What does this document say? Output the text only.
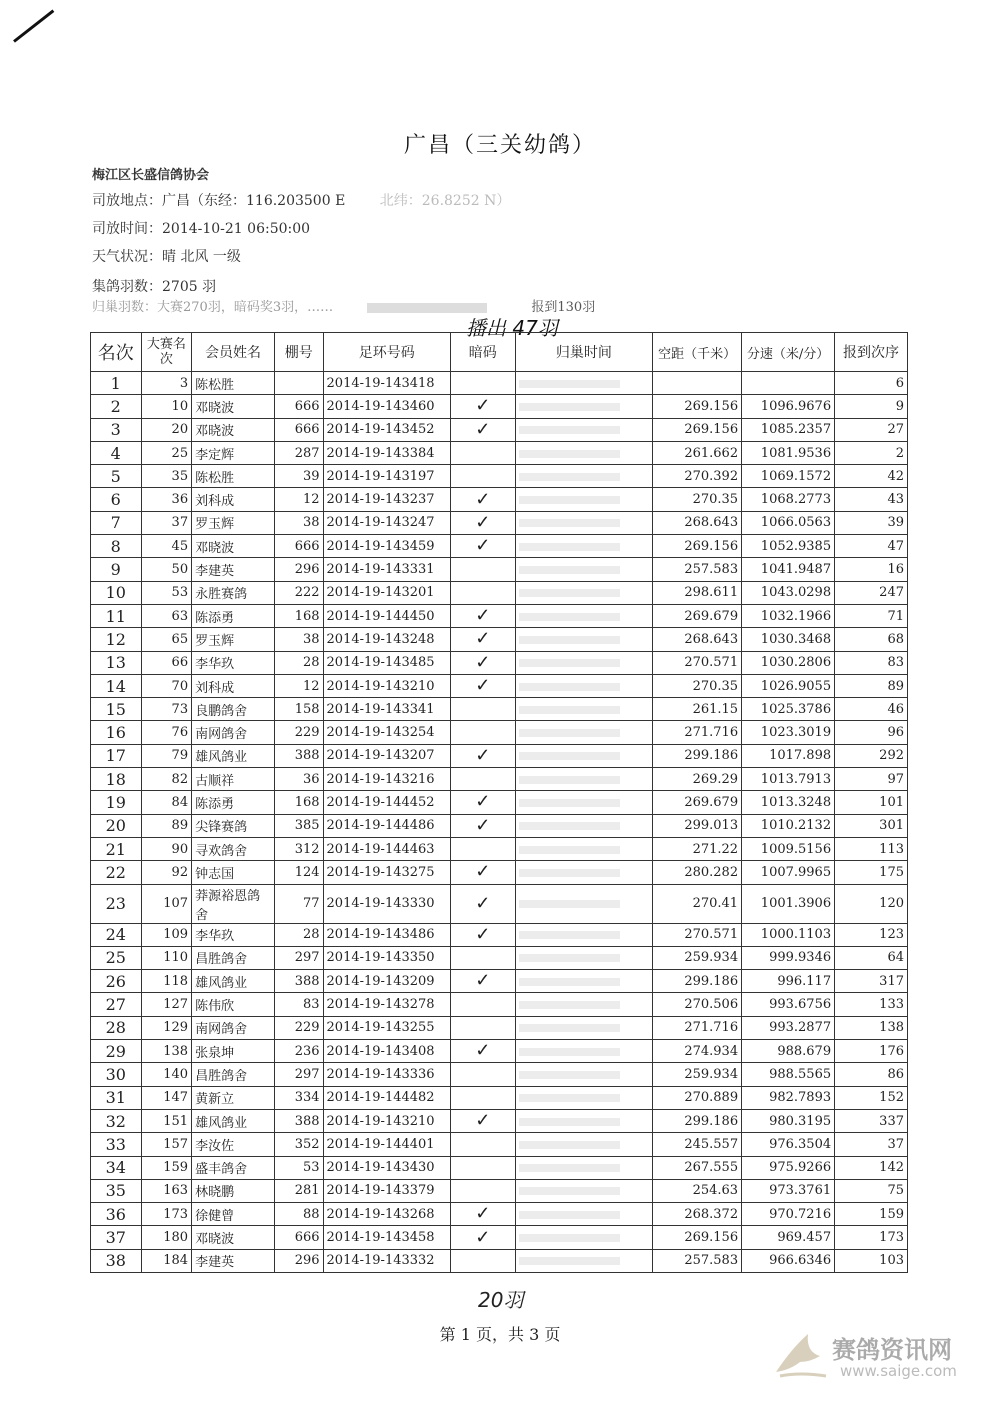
广昌（三关幼鸽）
梅江区长盛信鸽协会
司放地点：广昌（东经：116.203500 E 北纬：26.8252 N）
司放时间：2014-10-21 06:50:00
天气状况：晴 北风 一级
集鸽羽数：2705 羽
归巢羽数：大赛270羽，暗码奖3羽，……	报到130羽
播出 47羽
名次	大赛名次	会员姓名	棚号	足环号码	暗码	归巢时间	空距（千米）	分速（米/分）	报到次序
1	3	陈松胜		2014-19-143418					6
2	10	邓晓波	666	2014-19-143460	✓		269.156	1096.9676	9
3	20	邓晓波	666	2014-19-143452	✓		269.156	1085.2357	27
4	25	李定辉	287	2014-19-143384			261.662	1081.9536	2
5	35	陈松胜	39	2014-19-143197			270.392	1069.1572	42
6	36	刘科成	12	2014-19-143237	✓		270.35	1068.2773	43
7	37	罗玉辉	38	2014-19-143247	✓		268.643	1066.0563	39
8	45	邓晓波	666	2014-19-143459	✓		269.156	1052.9385	47
9	50	李建英	296	2014-19-143331			257.583	1041.9487	16
10	53	永胜赛鸽	222	2014-19-143201			298.611	1043.0298	247
11	63	陈添勇	168	2014-19-144450	✓		269.679	1032.1966	71
12	65	罗玉辉	38	2014-19-143248	✓		268.643	1030.3468	68
13	66	李华玖	28	2014-19-143485	✓		270.571	1030.2806	83
14	70	刘科成	12	2014-19-143210	✓		270.35	1026.9055	89
15	73	良鹏鸽舍	158	2014-19-143341			261.15	1025.3786	46
16	76	南网鸽舍	229	2014-19-143254			271.716	1023.3019	96
17	79	雄风鸽业	388	2014-19-143207	✓		299.186	1017.898	292
18	82	古顺祥	36	2014-19-143216			269.29	1013.7913	97
19	84	陈添勇	168	2014-19-144452	✓		269.679	1013.3248	101
20	89	尖锋赛鸽	385	2014-19-144486	✓		299.013	1010.2132	301
21	90	寻欢鸽舍	312	2014-19-144463			271.22	1009.5156	113
22	92	钟志国	124	2014-19-143275	✓		280.282	1007.9965	175
23	107	莽源裕恩鸽舍	77	2014-19-143330	✓		270.41	1001.3906	120
24	109	李华玖	28	2014-19-143486	✓		270.571	1000.1103	123
25	110	昌胜鸽舍	297	2014-19-143350			259.934	999.9346	64
26	118	雄风鸽业	388	2014-19-143209	✓		299.186	996.117	317
27	127	陈伟欣	83	2014-19-143278			270.506	993.6756	133
28	129	南网鸽舍	229	2014-19-143255			271.716	993.2877	138
29	138	张泉坤	236	2014-19-143408	✓		274.934	988.679	176
30	140	昌胜鸽舍	297	2014-19-143336			259.934	988.5565	86
31	147	黄新立	334	2014-19-144482			270.889	982.7893	152
32	151	雄风鸽业	388	2014-19-143210	✓		299.186	980.3195	337
33	157	李汝佐	352	2014-19-144401			245.557	976.3504	37
34	159	盛丰鸽舍	53	2014-19-143430			267.555	975.9266	142
35	163	林晓鹏	281	2014-19-143379			254.63	973.3761	75
36	173	徐健曾	88	2014-19-143268	✓		268.372	970.7216	159
37	180	邓晓波	666	2014-19-143458	✓		269.156	969.457	173
38	184	李建英	296	2014-19-143332			257.583	966.6346	103
20羽
第 1 页，共 3 页
赛鸽资讯网
www.saige.com
